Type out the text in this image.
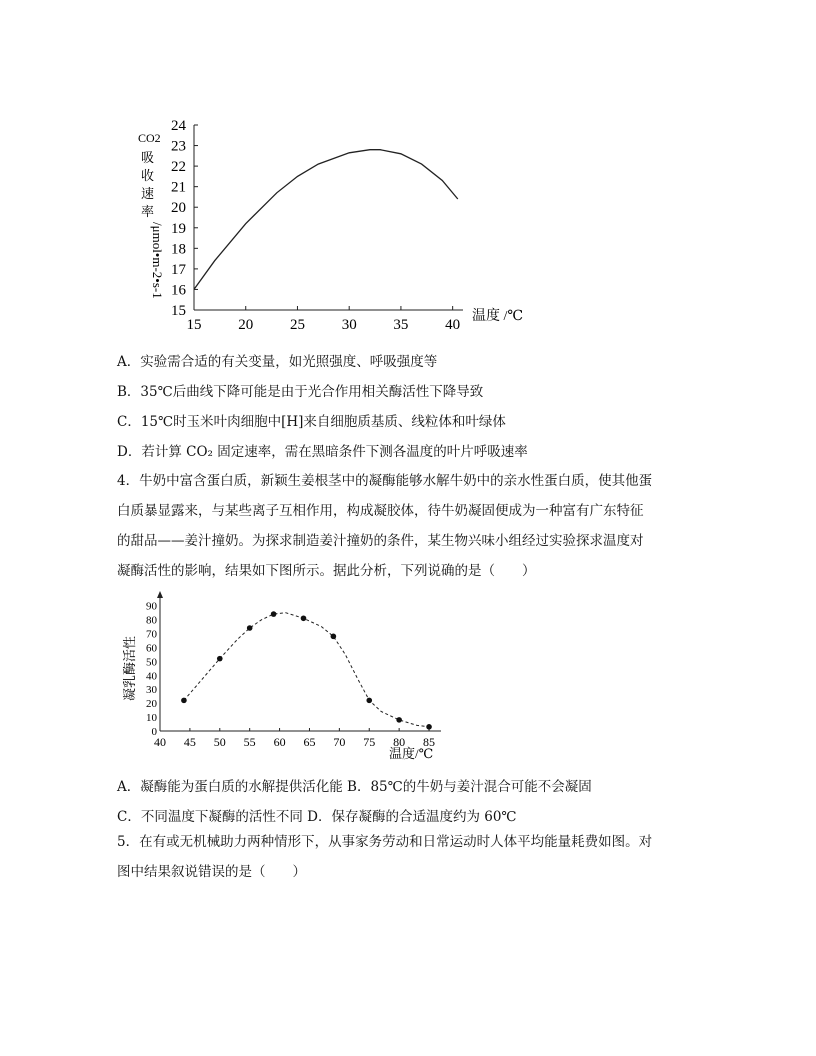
15
16
17
18
19
20
21
22
23
24
15 20 25 30 35 40
CO2
吸
收
速
率
/μmol•m-2•s-1
温度 /℃
A．实验需合适的有关变量，如光照强度、呼吸强度等
B．35℃后曲线下降可能是由于光合作用相关酶活性下降导致
C．15℃时玉米叶肉细胞中[H]来自细胞质基质、线粒体和叶绿体
D．若计算 CO₂ 固定速率，需在黑暗条件下测各温度的叶片呼吸速率
4．牛奶中富含蛋白质，新颖生姜根茎中的凝酶能够水解牛奶中的亲水性蛋白质，使其他蛋
白质暴显露来，与某些离子互相作用，构成凝胶体，待牛奶凝固便成为一种富有广东特征
的甜品——姜汁撞奶。为探求制造姜汁撞奶的条件，某生物兴味小组经过实验探求温度对
凝酶活性的影响，结果如下图所示。据此分析，下列说确的是（　　）
0
10
20
30
40
50
60
70
80
90
40 45 50 55 60 65 70 75 80 85
凝乳酶活性
温度/℃
A．凝酶能为蛋白质的水解提供活化能 B．85℃的牛奶与姜汁混合可能不会凝固
C．不同温度下凝酶的活性不同 D．保存凝酶的合适温度约为 60℃
5．在有或无机械助力两种情形下，从事家务劳动和日常运动时人体平均能量耗费如图。对
图中结果叙说错误的是（　　）
